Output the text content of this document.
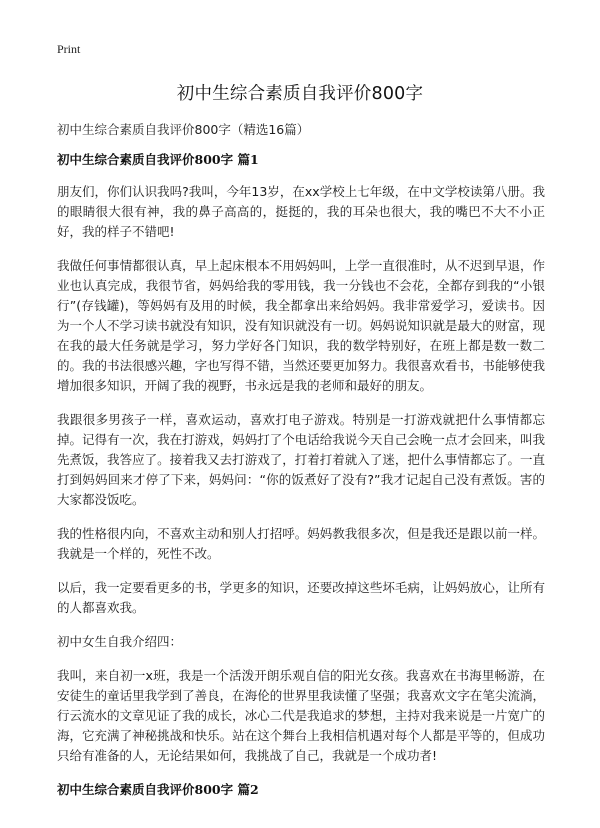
Print
初中生综合素质自我评价800字

初中生综合素质自我评价800字（精选16篇）

初中生综合素质自我评价800字 篇1

朋友们，你们认识我吗?我叫，今年13岁，在xx学校上七年级，在中文学校读第八册。我的眼睛很大很有神，我的鼻子高高的，挺挺的，我的耳朵也很大，我的嘴巴不大不小正好，我的样子不错吧!

我做任何事情都很认真，早上起床根本不用妈妈叫，上学一直很准时，从不迟到早退，作业也认真完成，我很节省，妈妈给我的零用钱，我一分钱也不会花，全都存到我的“小银行”(存钱罐)，等妈妈有及用的时候，我全都拿出来给妈妈。我非常爱学习，爱读书。因为一个人不学习读书就没有知识，没有知识就没有一切。妈妈说知识就是最大的财富，现在我的最大任务就是学习，努力学好各门知识，我的数学特别好，在班上都是数一数二的。我的书法很感兴趣，字也写得不错，当然还要更加努力。我很喜欢看书，书能够使我增加很多知识，开阔了我的视野，书永远是我的老师和最好的朋友。

我跟很多男孩子一样，喜欢运动，喜欢打电子游戏。特别是一打游戏就把什么事情都忘掉。记得有一次，我在打游戏，妈妈打了个电话给我说今天自己会晚一点才会回来，叫我先煮饭，我答应了。接着我又去打游戏了，打着打着就入了迷，把什么事情都忘了。一直打到妈妈回来才停了下来，妈妈问：“你的饭煮好了没有?”我才记起自己没有煮饭。害的大家都没饭吃。

我的性格很内向，不喜欢主动和别人打招呼。妈妈教我很多次，但是我还是跟以前一样。我就是一个样的，死性不改。

以后，我一定要看更多的书，学更多的知识，还要改掉这些坏毛病，让妈妈放心，让所有的人都喜欢我。

初中女生自我介绍四：

我叫，来自初一x班，我是一个活泼开朗乐观自信的阳光女孩。我喜欢在书海里畅游，在安徒生的童话里我学到了善良，在海伦的世界里我读懂了坚强；我喜欢文字在笔尖流淌，行云流水的文章见证了我的成长，冰心二代是我追求的梦想，主持对我来说是一片宽广的海，它充满了神秘挑战和快乐。站在这个舞台上我相信机遇对每个人都是平等的，但成功只给有准备的人，无论结果如何，我挑战了自己，我就是一个成功者!

初中生综合素质自我评价800字 篇2
